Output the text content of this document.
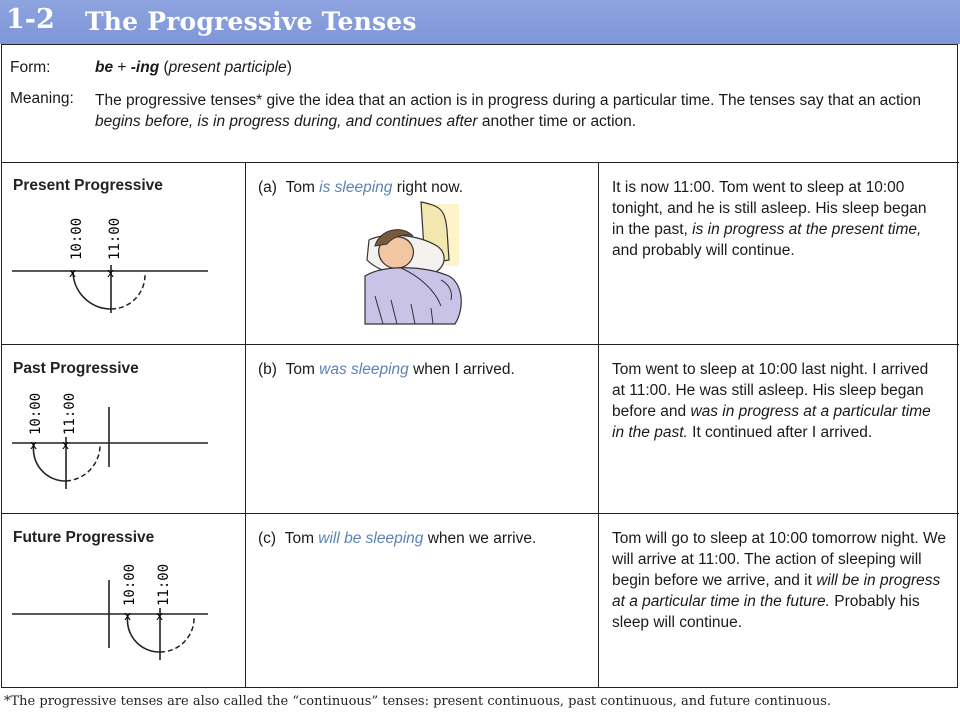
1-2 The Progressive Tenses
Form:	be + -ing (present participle)
Meaning: The progressive tenses* give the idea that an action is in progress during a particular time. The tenses say that an action begins before, is in progress during, and continues after another time or action.
Present Progressive
x	x
10:00 11:00
(a) Tom is sleeping right now.	It is now 11:00. Tom went to sleep at 10:00 tonight, and he is still asleep. His sleep began in the past, is in progress at the present time, and probably will continue.
Past Progressive
x x
10:00 11:00
(b) Tom was sleeping when I arrived.	Tom went to sleep at 10:00 last night. I arrived at 11:00. He was still asleep. His sleep began before and was in progress at a particular time in the past. It continued after I arrived.
Future Progressive
x x
10:00 11:00
(c) Tom will be sleeping when we arrive.	Tom will go to sleep at 10:00 tomorrow night. We will arrive at 11:00. The action of sleeping will begin before we arrive, and it will be in progress at a particular time in the future. Probably his sleep will continue.
*The progressive tenses are also called the “continuous” tenses: present continuous, past continuous, and future continuous.
